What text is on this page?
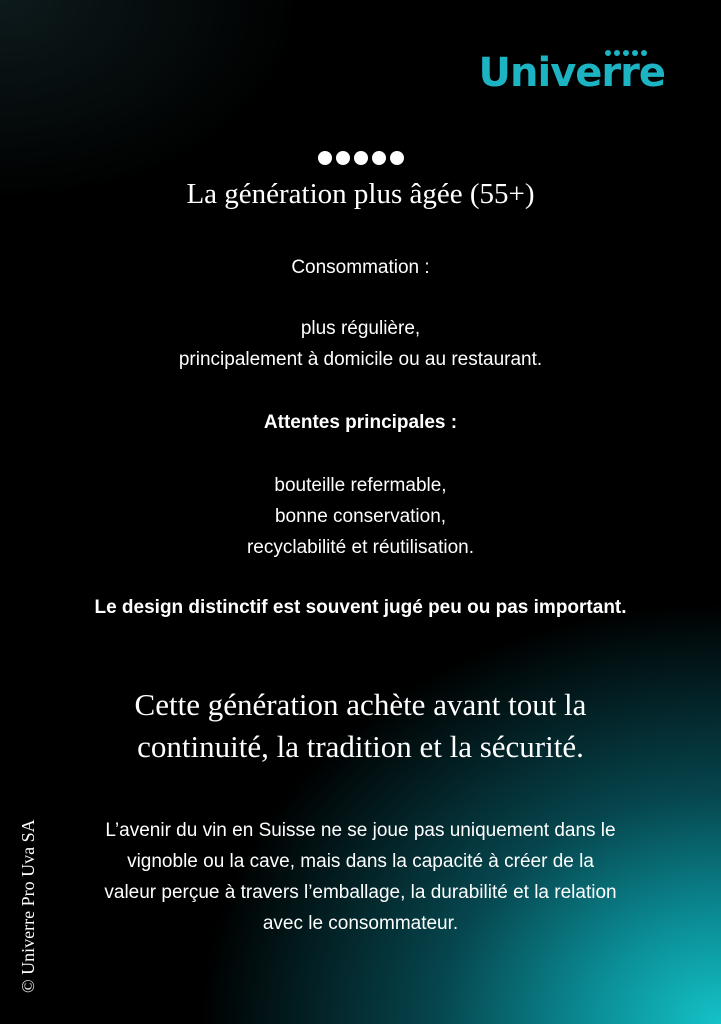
Univerre
La génération plus âgée (55+)
Consommation :
plus régulière,
principalement à domicile ou au restaurant.
Attentes principales :
bouteille refermable,
bonne conservation,
recyclabilité et réutilisation.
Le design distinctif est souvent jugé peu ou pas important.
Cette génération achète avant tout la
continuité, la tradition et la sécurité.
L’avenir du vin en Suisse ne se joue pas uniquement dans le
vignoble ou la cave, mais dans la capacité à créer de la
valeur perçue à travers l’emballage, la durabilité et la relation
avec le consommateur.
© Univerre Pro Uva SA
